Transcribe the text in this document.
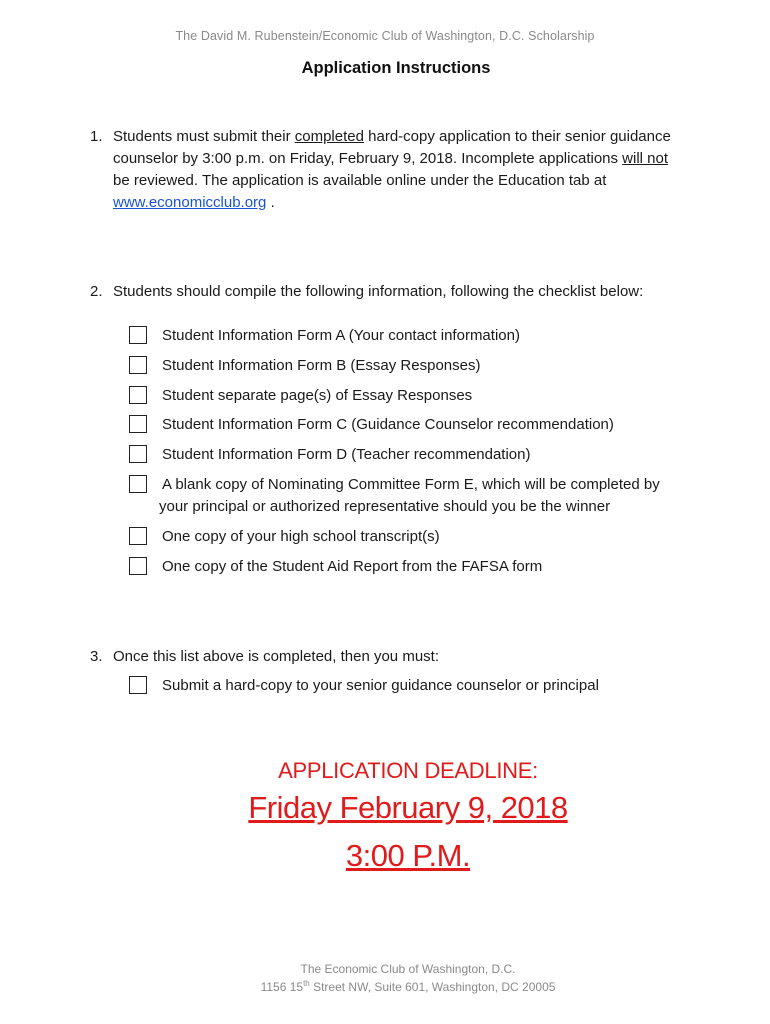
The David M. Rubenstein/Economic Club of Washington, D.C. Scholarship
Application Instructions
1. Students must submit their completed hard-copy application to their senior guidance
counselor by 3:00 p.m. on Friday, February 9, 2018. Incomplete applications will not
be reviewed. The application is available online under the Education tab at
www.economicclub.org .
2. Students should compile the following information, following the checklist below:
Student Information Form A (Your contact information)
Student Information Form B (Essay Responses)
Student separate page(s) of Essay Responses
Student Information Form C (Guidance Counselor recommendation)
Student Information Form D (Teacher recommendation)
A blank copy of Nominating Committee Form E, which will be completed by
your principal or authorized representative should you be the winner
One copy of your high school transcript(s)
One copy of the Student Aid Report from the FAFSA form
3. Once this list above is completed, then you must:
Submit a hard-copy to your senior guidance counselor or principal
APPLICATION DEADLINE:
Friday February 9, 2018
3:00 P.M.
The Economic Club of Washington, D.C.
1156 15th Street NW, Suite 601, Washington, DC 20005
